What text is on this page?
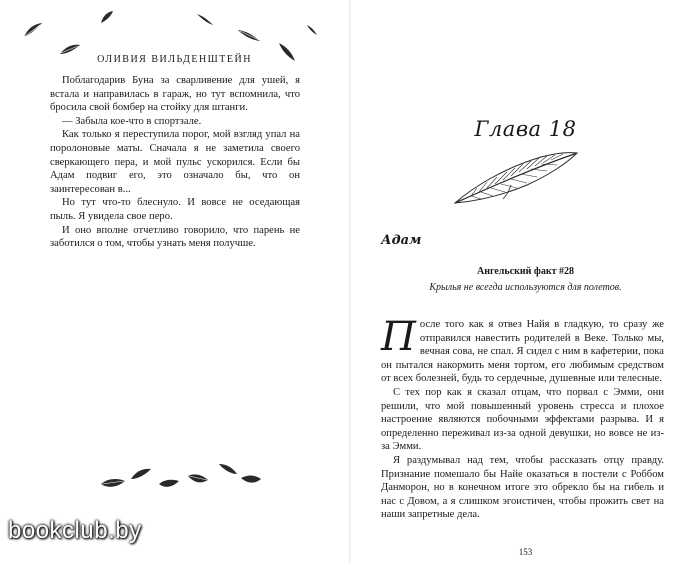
ОЛИВИЯ ВИЛЬДЕНШТЕЙН

Поблагодарив Буна за сварливение для ушей, я встала и направилась в гараж, но тут вспомнила, что бросила свой бомбер на стойку для штанги.

— Забыла кое-что в спортзале.

Как только я переступила порог, мой взгляд упал на поролоновые маты. Сначала я не заметила своего сверкающего пера, и мой пульс ускорился. Если бы Адам подвиг его, это означало бы, что он заинтересован в...

Но тут что-то блеснуло. И вовсе не оседающая пыль. Я увидела свое перо.

И оно вполне отчетливо говорило, что парень не заботился о том, чтобы узнать меня получше.

Глава 18
Адам
Ангельский факт #28
Крылья не всегда используются для полетов.

После того как я отвез Найя в гладкую, то сразу же отправился навестить родителей в Веке. Только мы, вечная сова, не спал. Я сидел с ним в кафетерии, пока он пытался накормить меня тортом, его любимым средством от всех болезней, будь то сердечные, душевные или телесные.

С тех пор как я сказал отцам, что порвал с Эмми, они решили, что мой повышенный уровень стресса и плохое настроение являются побочными эффектами разрыва. И я определенно переживал из-за одной девушки, но вовсе не из-за Эмми.

Я раздумывал над тем, чтобы рассказать отцу правду. Признание помешало бы Найе оказаться в постели с Роббом Данморон, но в конечном итоге это обрекло бы на гибель и нас с Довом, а я слишком эгоистичен, чтобы прожить свет на наши запретные дела.

153
bookclub.by
